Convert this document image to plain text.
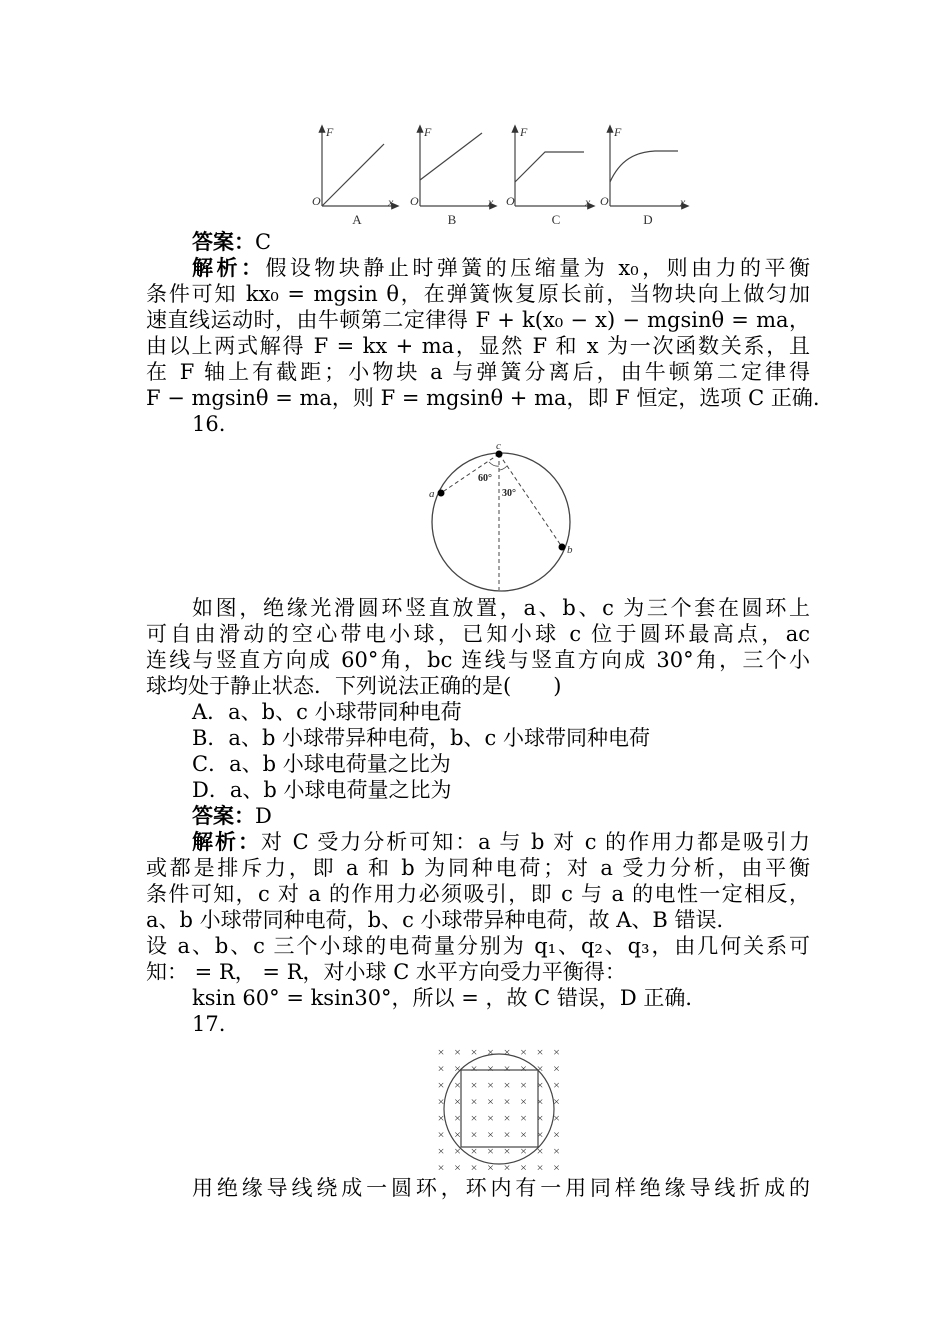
F
O	x
F
O	x
F
O	x
F
O	x
A	B	C	D
答案：C
解析：假设物块静止时弹簧的压缩量为 x₀，则由力的平衡
条件可知 kx₀ = mgsin θ，在弹簧恢复原长前，当物块向上做匀加
速直线运动时，由牛顿第二定律得 F + k(x₀ − x) − mgsinθ = ma，
由以上两式解得 F = kx + ma，显然 F 和 x 为一次函数关系，且
在 F 轴上有截距；小物块 a 与弹簧分离后，由牛顿第二定律得
F − mgsinθ = ma，则 F = mgsinθ + ma，即 F 恒定，选项 C 正确.
16.
c
a
b
60°
30°
如图，绝缘光滑圆环竖直放置，a、b、c 为三个套在圆环上
可自由滑动的空心带电小球，已知小球 c 位于圆环最高点，ac
连线与竖直方向成 60°角，bc 连线与竖直方向成 30°角，三个小
球均处于静止状态．下列说法正确的是(　　)
A．a、b、c 小球带同种电荷
B．a、b 小球带异种电荷，b、c 小球带同种电荷
C．a、b 小球电荷量之比为
D．a、b 小球电荷量之比为
答案：D
解析：对 C 受力分析可知：a 与 b 对 c 的作用力都是吸引力
或都是排斥力，即 a 和 b 为同种电荷；对 a 受力分析，由平衡
条件可知，c 对 a 的作用力必须吸引，即 c 与 a 的电性一定相反，
a、b 小球带同种电荷，b、c 小球带异种电荷，故 A、B 错误．
设 a、b、c 三个小球的电荷量分别为 q₁、q₂、q₃，由几何关系可
知： = R， = R，对小球 C 水平方向受力平衡得：
ksin 60° = ksin30°，所以 = ，故 C 错误，D 正确．
17.
× × × × × × × ×
× × × × × × × ×
× × × × × × × ×
× × × × × × × ×
× × × × × × × ×
× × × × × × × ×
× × × × × × × ×
× × × × × × × ×
用绝缘导线绕成一圆环，环内有一用同样绝缘导线折成的
